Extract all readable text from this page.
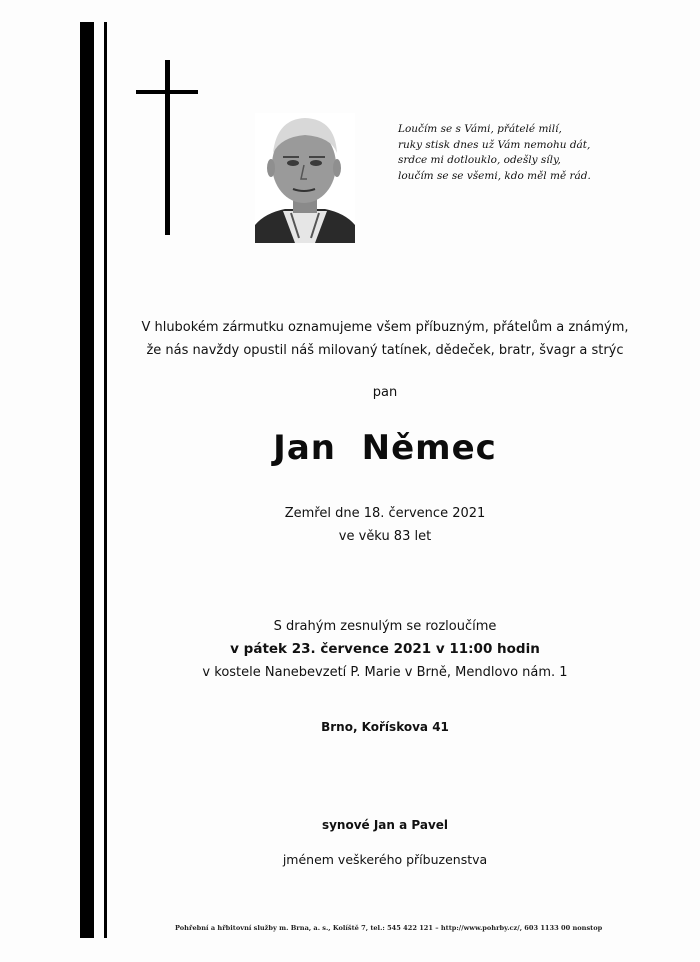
Loučím se s Vámi, přátelé milí,
ruky stisk dnes už Vám nemohu dát,
srdce mi dotlouklo, odešly síly,
loučím se se všemi, kdo měl mě rád.
V hlubokém zármutku oznamujeme všem příbuzným, přátelům a známým,
že nás navždy opustil náš milovaný tatínek, dědeček, bratr, švagr a strýc
pan
Jan  Němec
Zemřel dne 18. července 2021
ve věku 83 let
S drahým zesnulým se rozloučíme
v pátek 23. července 2021 v 11:00 hodin
v kostele Nanebevzetí P. Marie v Brně, Mendlovo nám. 1
Brno, Kořískova 41
synové Jan a Pavel
jménem veškerého příbuzenstva
Pohřební a hřbitovní služby m. Brna, a. s., Kolíště 7, tel.: 545 422 121 – http://www.pohrby.cz/, 603 1133 00 nonstop
